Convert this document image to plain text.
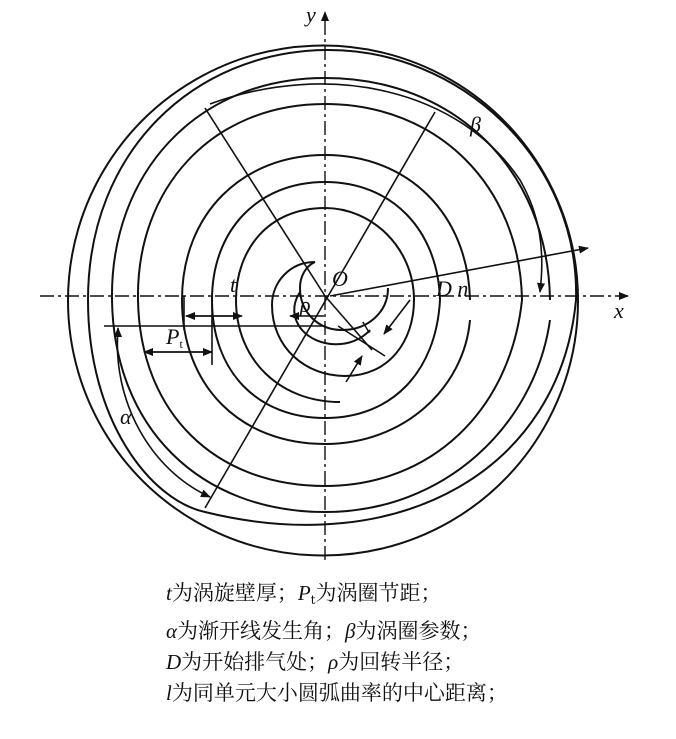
y
x
O
t	D n
β
α
ρ
l
Pt
t为涡旋壁厚；$P_t$为涡圈节距；
α为渐开线发生角；β为涡圈参数；
D为开始排气处；ρ为回转半径；
l为同单元大小圆弧曲率的中心距离；
